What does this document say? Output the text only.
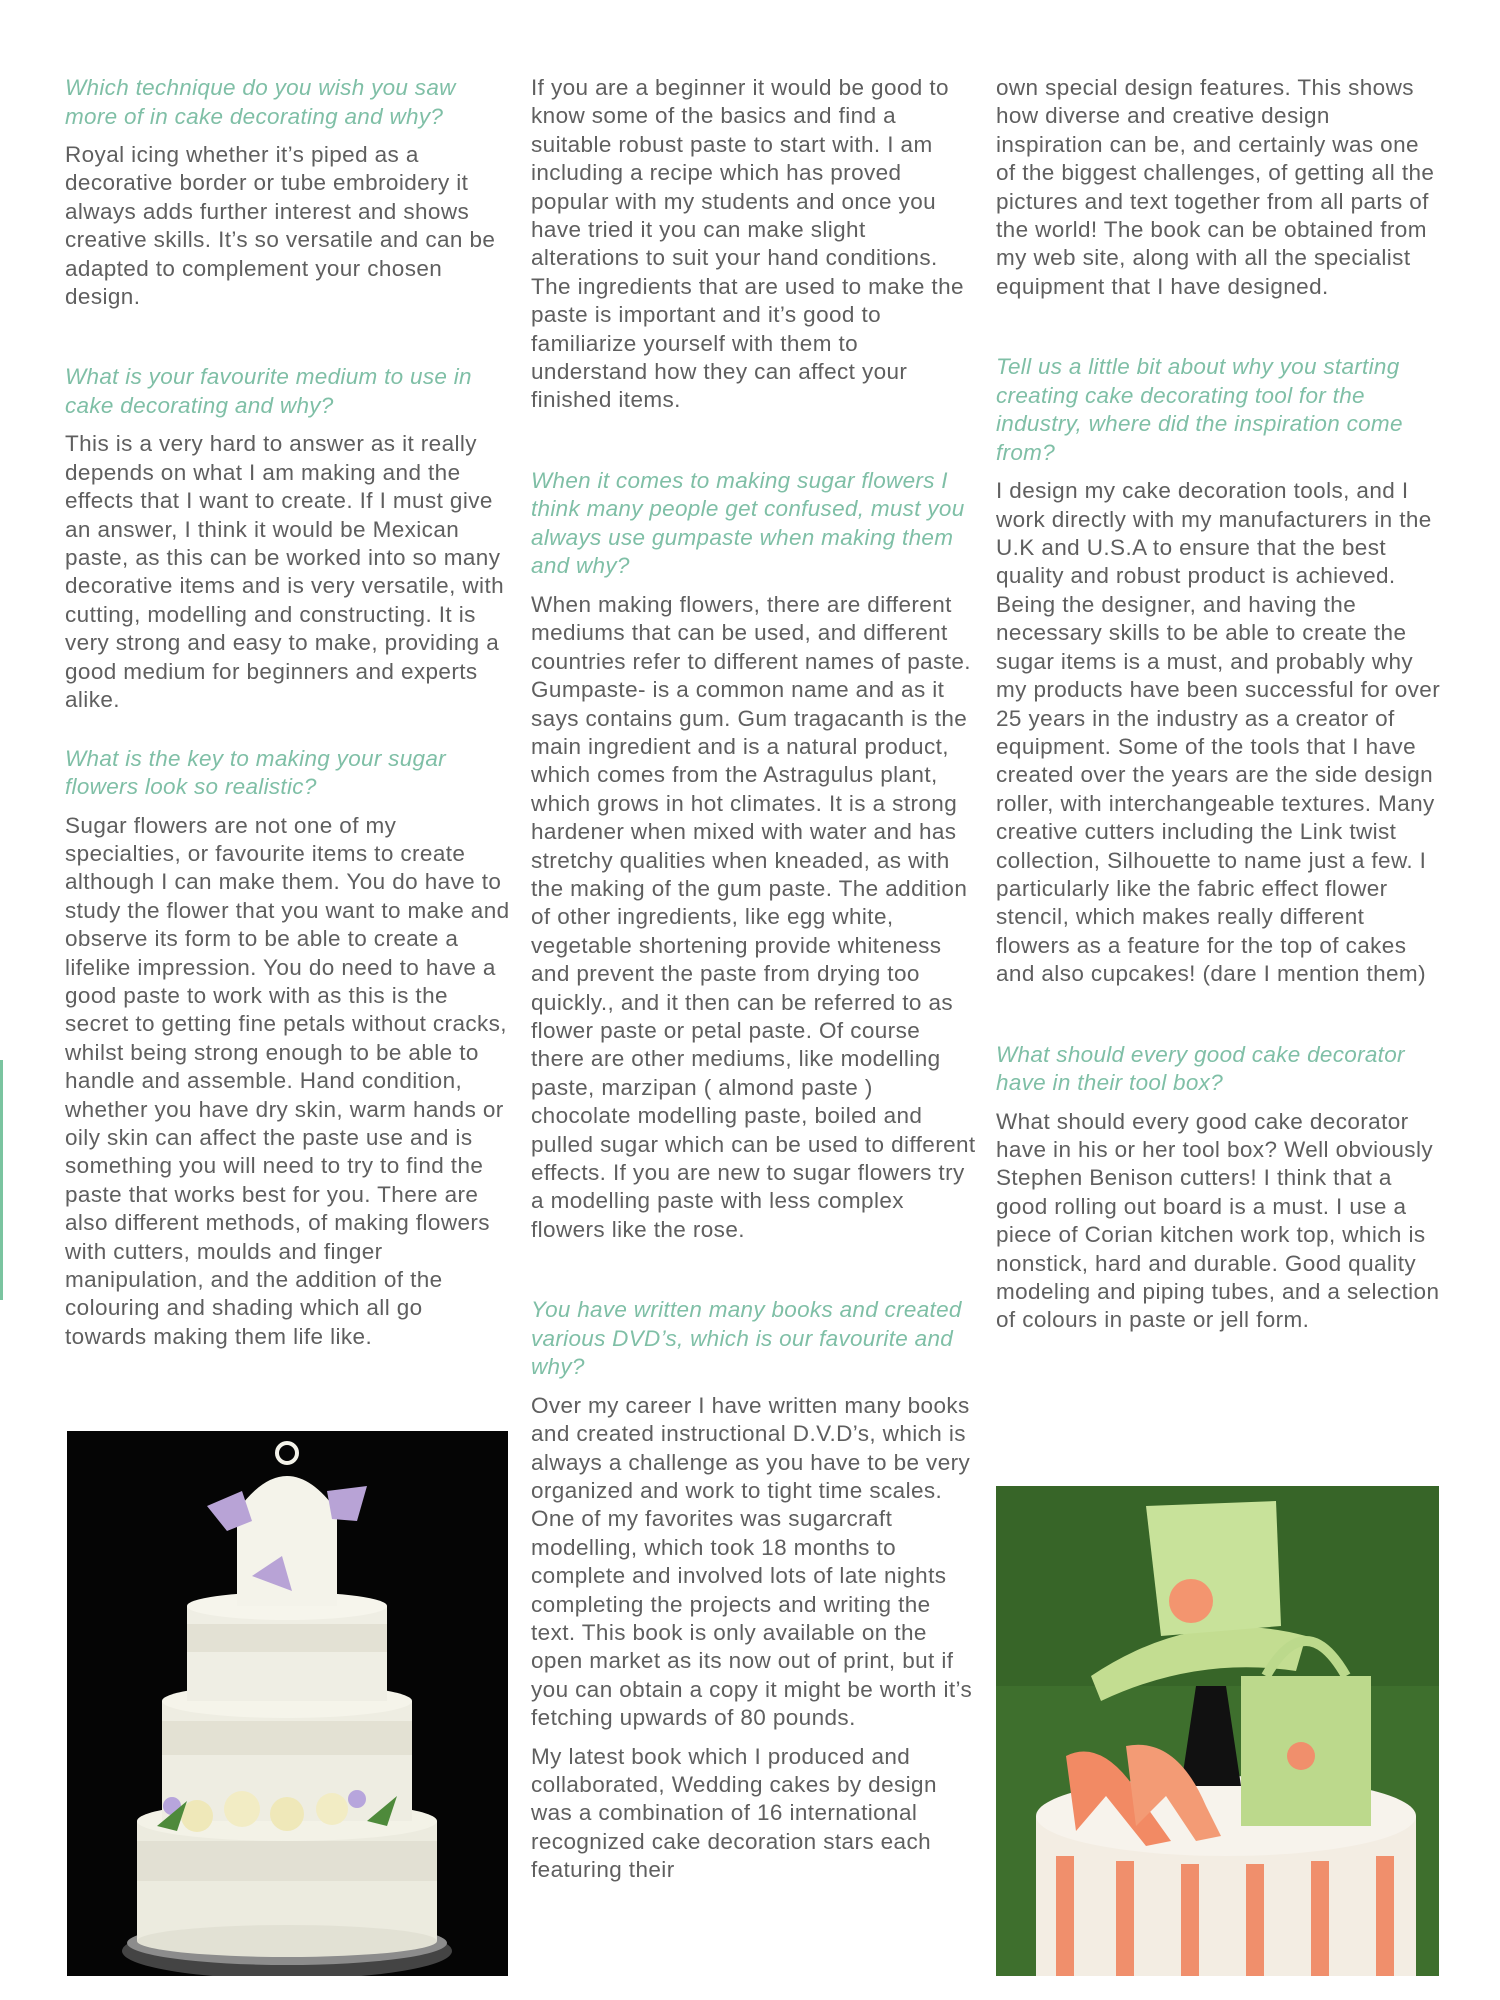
Which technique do you wish you saw more of in cake decorating and why?

Royal icing whether it’s piped as a decorative border or tube embroidery it always adds further interest and shows creative skills. It’s so versatile and can be adapted to complement your chosen design.

What is your favourite medium to use in cake decorating and why?

This is a very hard to answer as it really depends on what I am making and the effects that I want to create. If I must give an answer, I think it would be Mexican paste, as this can be worked into so many decorative items and is very versatile, with cutting, modelling and constructing. It is very strong and easy to make, providing a good medium for beginners and experts alike.

What is the key to making your sugar flowers look so realistic?

Sugar flowers are not one of my specialties, or favourite items to create although I can make them. You do have to study the flower that you want to make and observe its form to be able to create a lifelike impression. You do need to have a good paste to work with as this is the secret to getting fine petals without cracks, whilst being strong enough to be able to handle and assemble. Hand condition, whether you have dry skin, warm hands or oily skin can affect the paste use and is something you will need to try to find the paste that works best for you. There are also different methods, of making flowers with cutters, moulds and finger manipulation, and the addition of the colouring and shading which all go towards making them life like.

If you are a beginner it would be good to know some of the basics and find a suitable robust paste to start with. I am including a recipe which has proved popular with my students and once you have tried it you can make slight alterations to suit your hand conditions. The ingredients that are used to make the paste is important and it’s good to familiarize yourself with them to understand how they can affect your finished items.

When it comes to making sugar flowers I think many people get confused, must you always use gumpaste when making them and why?

When making flowers, there are different mediums that can be used, and different countries refer to different names of paste. Gumpaste- is a common name and as it says contains gum. Gum tragacanth is the main ingredient and is a natural product, which comes from the Astragulus plant, which grows in hot climates. It is a strong hardener when mixed with water and has stretchy qualities when kneaded, as with the making of the gum paste. The addition of other ingredients, like egg white, vegetable shortening provide whiteness and prevent the paste from drying too quickly., and it then can be referred to as flower paste or petal paste. Of course there are other mediums, like modelling paste, marzipan ( almond paste ) chocolate modelling paste, boiled and pulled sugar which can be used to different effects. If you are new to sugar flowers try a modelling paste with less complex flowers like the rose.

You have written many books and created various DVD’s, which is our favourite and why?

Over my career I have written many books and created instructional D.V.D’s, which is always a challenge as you have to be very organized and work to tight time scales. One of my favorites was sugarcraft modelling, which took 18 months to complete and involved lots of late nights completing the projects and writing the text. This book is only available on the open market as its now out of print, but if you can obtain a copy it might be worth it’s fetching upwards of 80 pounds.

My latest book which I produced and collaborated, Wedding cakes by design was a combination of 16 international recognized cake decoration stars each featuring their

own special design features. This shows how diverse and creative design inspiration can be, and certainly was one of the biggest challenges, of getting all the pictures and text together from all parts of the world! The book can be obtained from my web site, along with all the specialist equipment that I have designed.

Tell us a little bit about why you starting creating cake decorating tool for the industry, where did the inspiration come from?

I design my cake decoration tools, and I work directly with my manufacturers in the U.K and U.S.A to ensure that the best quality and robust product is achieved. Being the designer, and having the necessary skills to be able to create the sugar items is a must, and probably why my products have been successful for over 25 years in the industry as a creator of equipment. Some of the tools that I have created over the years are the side design roller, with interchangeable textures. Many creative cutters including the Link twist collection, Silhouette to name just a few. I particularly like the fabric effect flower stencil, which makes really different flowers as a feature for the top of cakes and also cupcakes! (dare I mention them)

What should every good cake decorator have in their tool box?

What should every good cake decorator have in his or her tool box? Well obviously Stephen Benison cutters! I think that a good rolling out board is a must. I use a piece of Corian kitchen work top, which is nonstick, hard and durable. Good quality modeling and piping tubes, and a selection of colours in paste or jell form.
